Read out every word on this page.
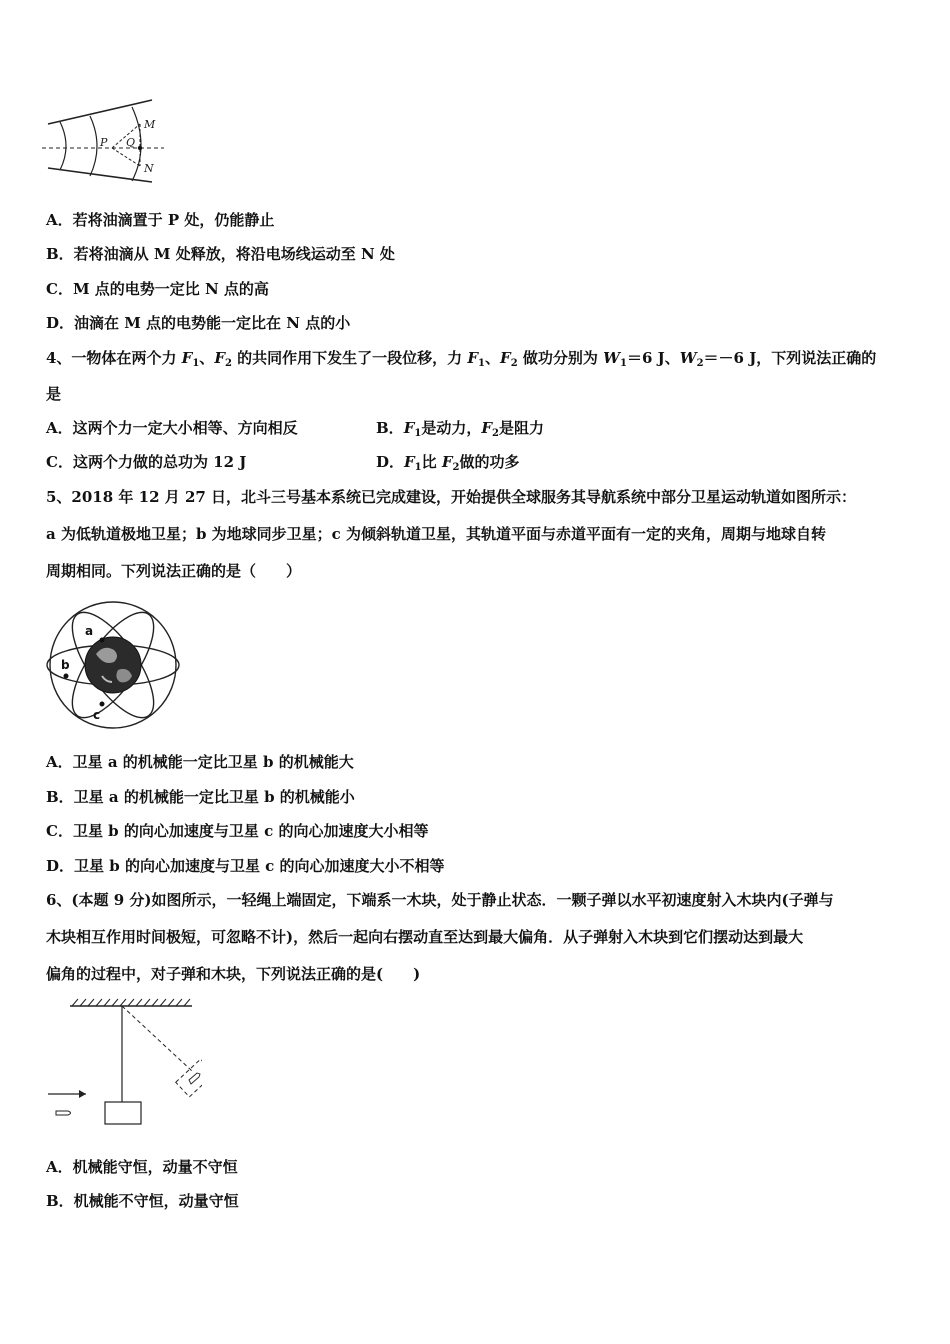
P Q
M
N
A．若将油滴置于 P 处，仍能静止
B．若将油滴从 M 处释放，将沿电场线运动至 N 处
C．M 点的电势一定比 N 点的高
D．油滴在 M 点的电势能一定比在 N 点的小
4、一物体在两个力 $F_1$、$F_2$ 的共同作用下发生了一段位移，力 $F_1$、$F_2$ 做功分别为 $W_1=6$ J、$W_2=-6$ J，下列说法正确的
是
A．这两个力一定大小相等、方向相反	B．$F_1$是动力，$F_2$是阻力
C．这两个力做的总功为 12 J	D．$F_1$比 $F_2$做的功多
5、2018 年 12 月 27 日，北斗三号基本系统已完成建设，开始提供全球服务其导航系统中部分卫星运动轨道如图所示：
a 为低轨道极地卫星；b 为地球同步卫星；c 为倾斜轨道卫星，其轨道平面与赤道平面有一定的夹角，周期与地球自转
周期相同。下列说法正确的是（　　）
a
b
c
A．卫星 a 的机械能一定比卫星 b 的机械能大
B．卫星 a 的机械能一定比卫星 b 的机械能小
C．卫星 b 的向心加速度与卫星 c 的向心加速度大小相等
D．卫星 b 的向心加速度与卫星 c 的向心加速度大小不相等
6、(本题 9 分)如图所示，一轻绳上端固定，下端系一木块，处于静止状态．一颗子弹以水平初速度射入木块内(子弹与
木块相互作用时间极短，可忽略不计)，然后一起向右摆动直至达到最大偏角．从子弹射入木块到它们摆动达到最大
偏角的过程中，对子弹和木块，下列说法正确的是(　　)
A．机械能守恒，动量不守恒
B．机械能不守恒，动量守恒
